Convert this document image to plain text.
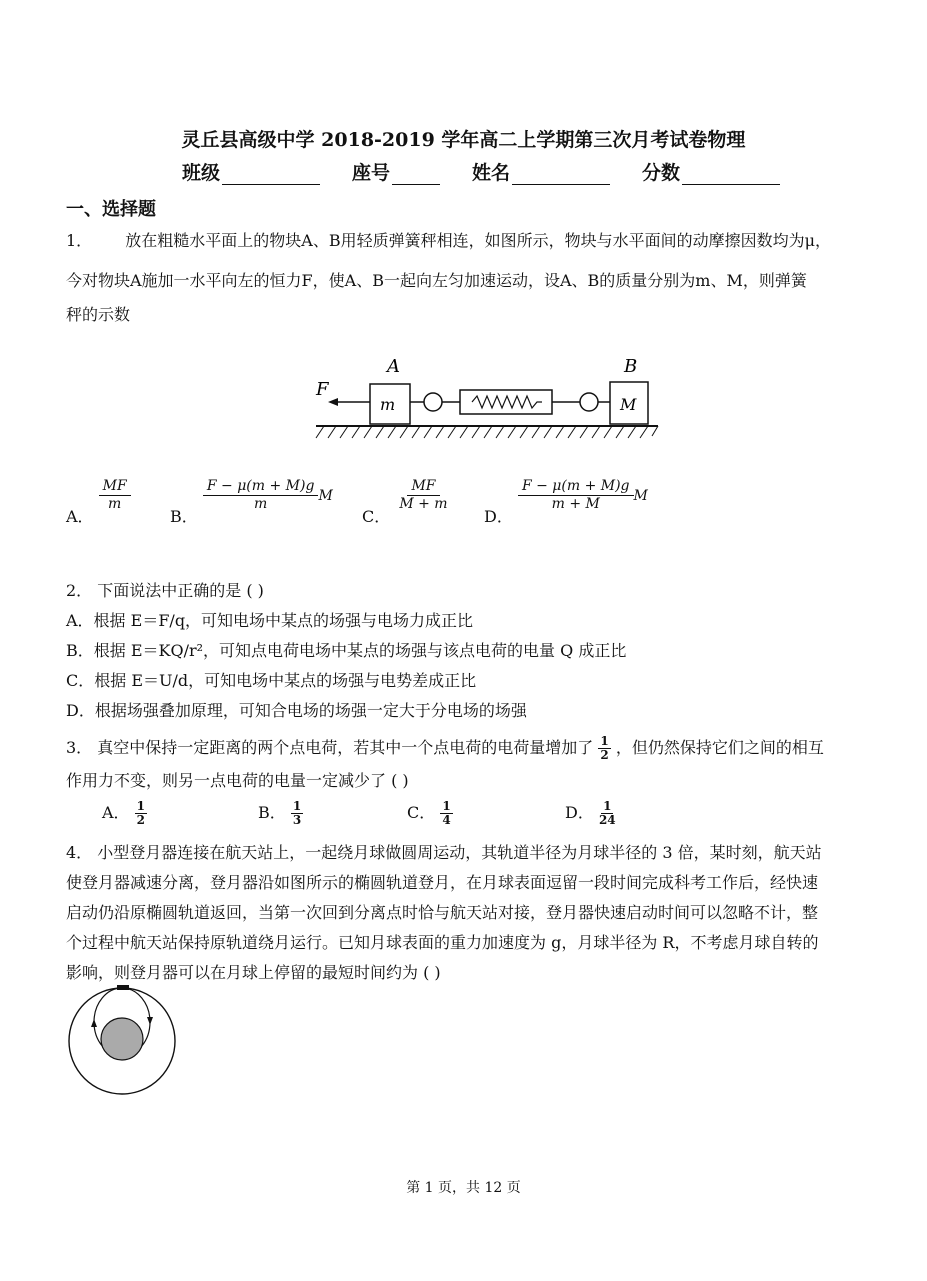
灵丘县高级中学 2018-2019 学年高二上学期第三次月考试卷物理
班级	座号	姓名	分数
一、选择题
1． 放在粗糙水平面上的物块A、B用轻质弹簧秤相连，如图所示，物块与水平面间的动摩擦因数均为μ，
今对物块A施加一水平向左的恒力F，使A、B一起向左匀加速运动，设A、B的质量分别为m、M，则弹簧
秤的示数
A	B
F
m	M
A．
$\frac{MF}{m}$
B．
$\frac{F - \mu(m + M)g}{m}$ M
C．
$\frac{MF}{M + m}$
D．
$\frac{F - \mu(m + M)g}{m + M}$ M
2． 下面说法中正确的是 ( )
A．根据 E＝F/q，可知电场中某点的场强与电场力成正比
B．根据 E＝KQ/r²，可知点电荷电场中某点的场强与该点电荷的电量 Q 成正比
C．根据 E＝U/d，可知电场中某点的场强与电势差成正比
D．根据场强叠加原理，可知合电场的场强一定大于分电场的场强
3． 真空中保持一定距离的两个点电荷，若其中一个点电荷的电荷量增加了 $\frac{1}{2}$ ，但仍然保持它们之间的相互
作用力不变，则另一点电荷的电量一定减少了 ( )
A． $\frac{1}{2}$	B． $\frac{1}{3}$	C． $\frac{1}{4}$	D． $\frac{1}{24}$
4． 小型登月器连接在航天站上，一起绕月球做圆周运动，其轨道半径为月球半径的 3 倍，某时刻，航天站
使登月器减速分离，登月器沿如图所示的椭圆轨道登月，在月球表面逗留一段时间完成科考工作后，经快速
启动仍沿原椭圆轨道返回，当第一次回到分离点时恰与航天站对接，登月器快速启动时间可以忽略不计，整
个过程中航天站保持原轨道绕月运行。已知月球表面的重力加速度为 g，月球半径为 R，不考虑月球自转的
影响，则登月器可以在月球上停留的最短时间约为 ( )
第 1 页，共 12 页
